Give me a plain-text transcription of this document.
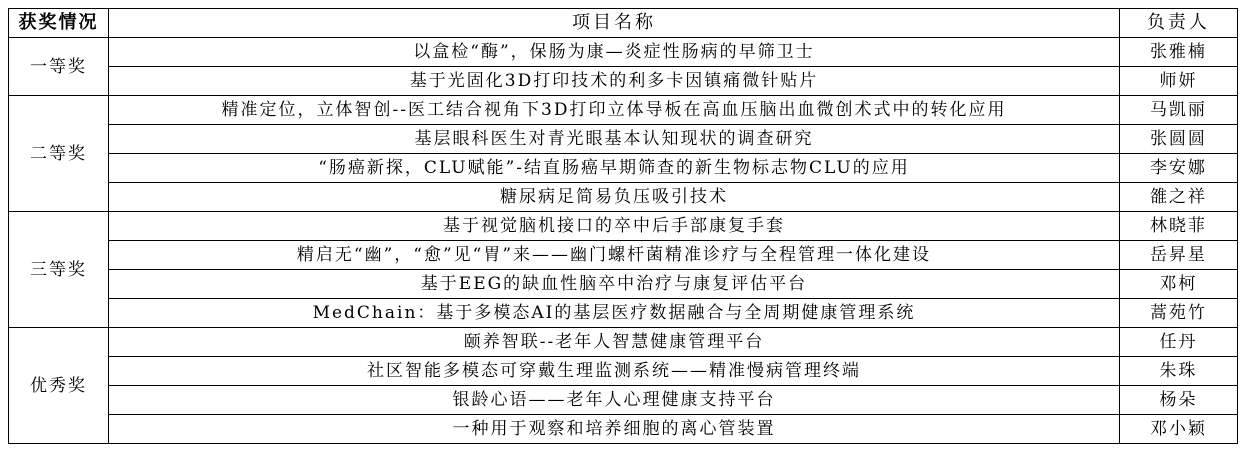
获奖情况	项目名称	负责人
一等奖	以盒检“酶”，保肠为康—炎症性肠病的早筛卫士	张雅楠
	基于光固化3D打印技术的利多卡因镇痛微针贴片	师妍
二等奖	精准定位，立体智创--医工结合视角下3D打印立体导板在高血压脑出血微创术式中的转化应用	马凯丽
	基层眼科医生对青光眼基本认知现状的调查研究	张圆圆
	“肠癌新探，CLU赋能”-结直肠癌早期筛查的新生物标志物CLU的应用	李安娜
	糖尿病足简易负压吸引技术	雒之祥
三等奖	基于视觉脑机接口的卒中后手部康复手套	林晓菲
	精启无“幽”，“愈”见“胃”来——幽门螺杆菌精准诊疗与全程管理一体化建设	岳昇星
	基于EEG的缺血性脑卒中治疗与康复评估平台	邓柯
	MedChain：基于多模态AI的基层医疗数据融合与全周期健康管理系统	蒿苑竹
优秀奖	颐养智联--老年人智慧健康管理平台	任丹
	社区智能多模态可穿戴生理监测系统——精准慢病管理终端	朱珠
	银龄心语——老年人心理健康支持平台	杨朵
	一种用于观察和培养细胞的离心管装置	邓小颖
